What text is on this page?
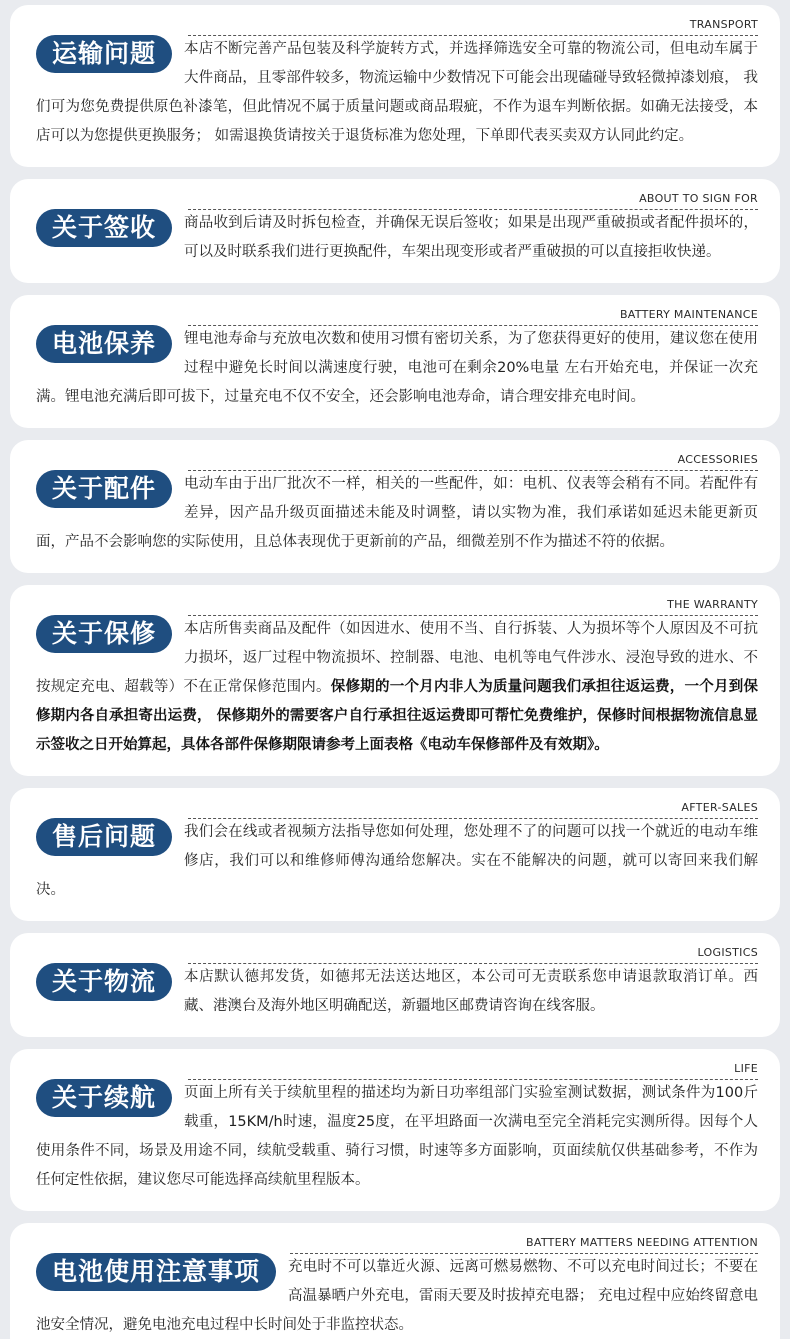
TRANSPORT
运输问题	本店不断完善产品包装及科学旋转方式，并选择筛选安全可靠的物流公司，但电动车属于大件商品，且零部件较多，物流运输中少数情况下可能会出现磕碰导致轻微掉漆划痕， 我们可为您免费提供原色补漆笔，但此情况不属于质量问题或商品瑕疵，不作为退车判断依据。如确无法接受，本店可以为您提供更换服务； 如需退换货请按关于退货标准为您处理，下单即代表买卖双方认同此约定。
ABOUT TO SIGN FOR
关于签收	商品收到后请及时拆包检查，并确保无误后签收；如果是出现严重破损或者配件损坏的，可以及时联系我们进行更换配件，车架出现变形或者严重破损的可以直接拒收快递。
BATTERY MAINTENANCE
电池保养	锂电池寿命与充放电次数和使用习惯有密切关系，为了您获得更好的使用，建议您在使用过程中避免长时间以满速度行驶，电池可在剩余20%电量 左右开始充电，并保证一次充满。锂电池充满后即可拔下，过量充电不仅不安全，还会影响电池寿命，请合理安排充电时间。
ACCESSORIES
关于配件	电动车由于出厂批次不一样，相关的一些配件，如：电机、仪表等会稍有不同。若配件有差异，因产品升级页面描述未能及时调整，请以实物为准，我们承诺如延迟未能更新页面，产品不会影响您的实际使用，且总体表现优于更新前的产品，细微差别不作为描述不符的依据。
THE WARRANTY
关于保修	本店所售卖商品及配件（如因进水、使用不当、自行拆装、人为损坏等个人原因及不可抗力损坏，返厂过程中物流损坏、控制器、电池、电机等电气件涉水、浸泡导致的进水、不按规定充电、超载等）不在正常保修范围内。保修期的一个月内非人为质量问题我们承担往返运费，一个月到保修期内各自承担寄出运费， 保修期外的需要客户自行承担往返运费即可帮忙免费维护，保修时间根据物流信息显示签收之日开始算起，具体各部件保修期限请参考上面表格《电动车保修部件及有效期》。
AFTER-SALES
售后问题	我们会在线或者视频方法指导您如何处理，您处理不了的问题可以找一个就近的电动车维修店，我们可以和维修师傅沟通给您解决。实在不能解决的问题，就可以寄回来我们解决。
LOGISTICS
关于物流	本店默认德邦发货，如德邦无法送达地区，本公司可无责联系您申请退款取消订单。西藏、港澳台及海外地区明确配送，新疆地区邮费请咨询在线客服。
LIFE
关于续航	页面上所有关于续航里程的描述均为新日功率组部门实验室测试数据，测试条件为100斤载重，15KM/h时速，温度25度，在平坦路面一次满电至完全消耗完实测所得。因每个人使用条件不同，场景及用途不同，续航受载重、骑行习惯，时速等多方面影响，页面续航仅供基础参考，不作为任何定性依据，建议您尽可能选择高续航里程版本。
BATTERY MATTERS NEEDING ATTENTION
电池使用注意事项	充电时不可以靠近火源、远离可燃易燃物、不可以充电时间过长；不要在高温暴晒户外充电，雷雨天要及时拔掉充电器； 充电过程中应始终留意电池安全情况，避免电池充电过程中长时间处于非监控状态。
